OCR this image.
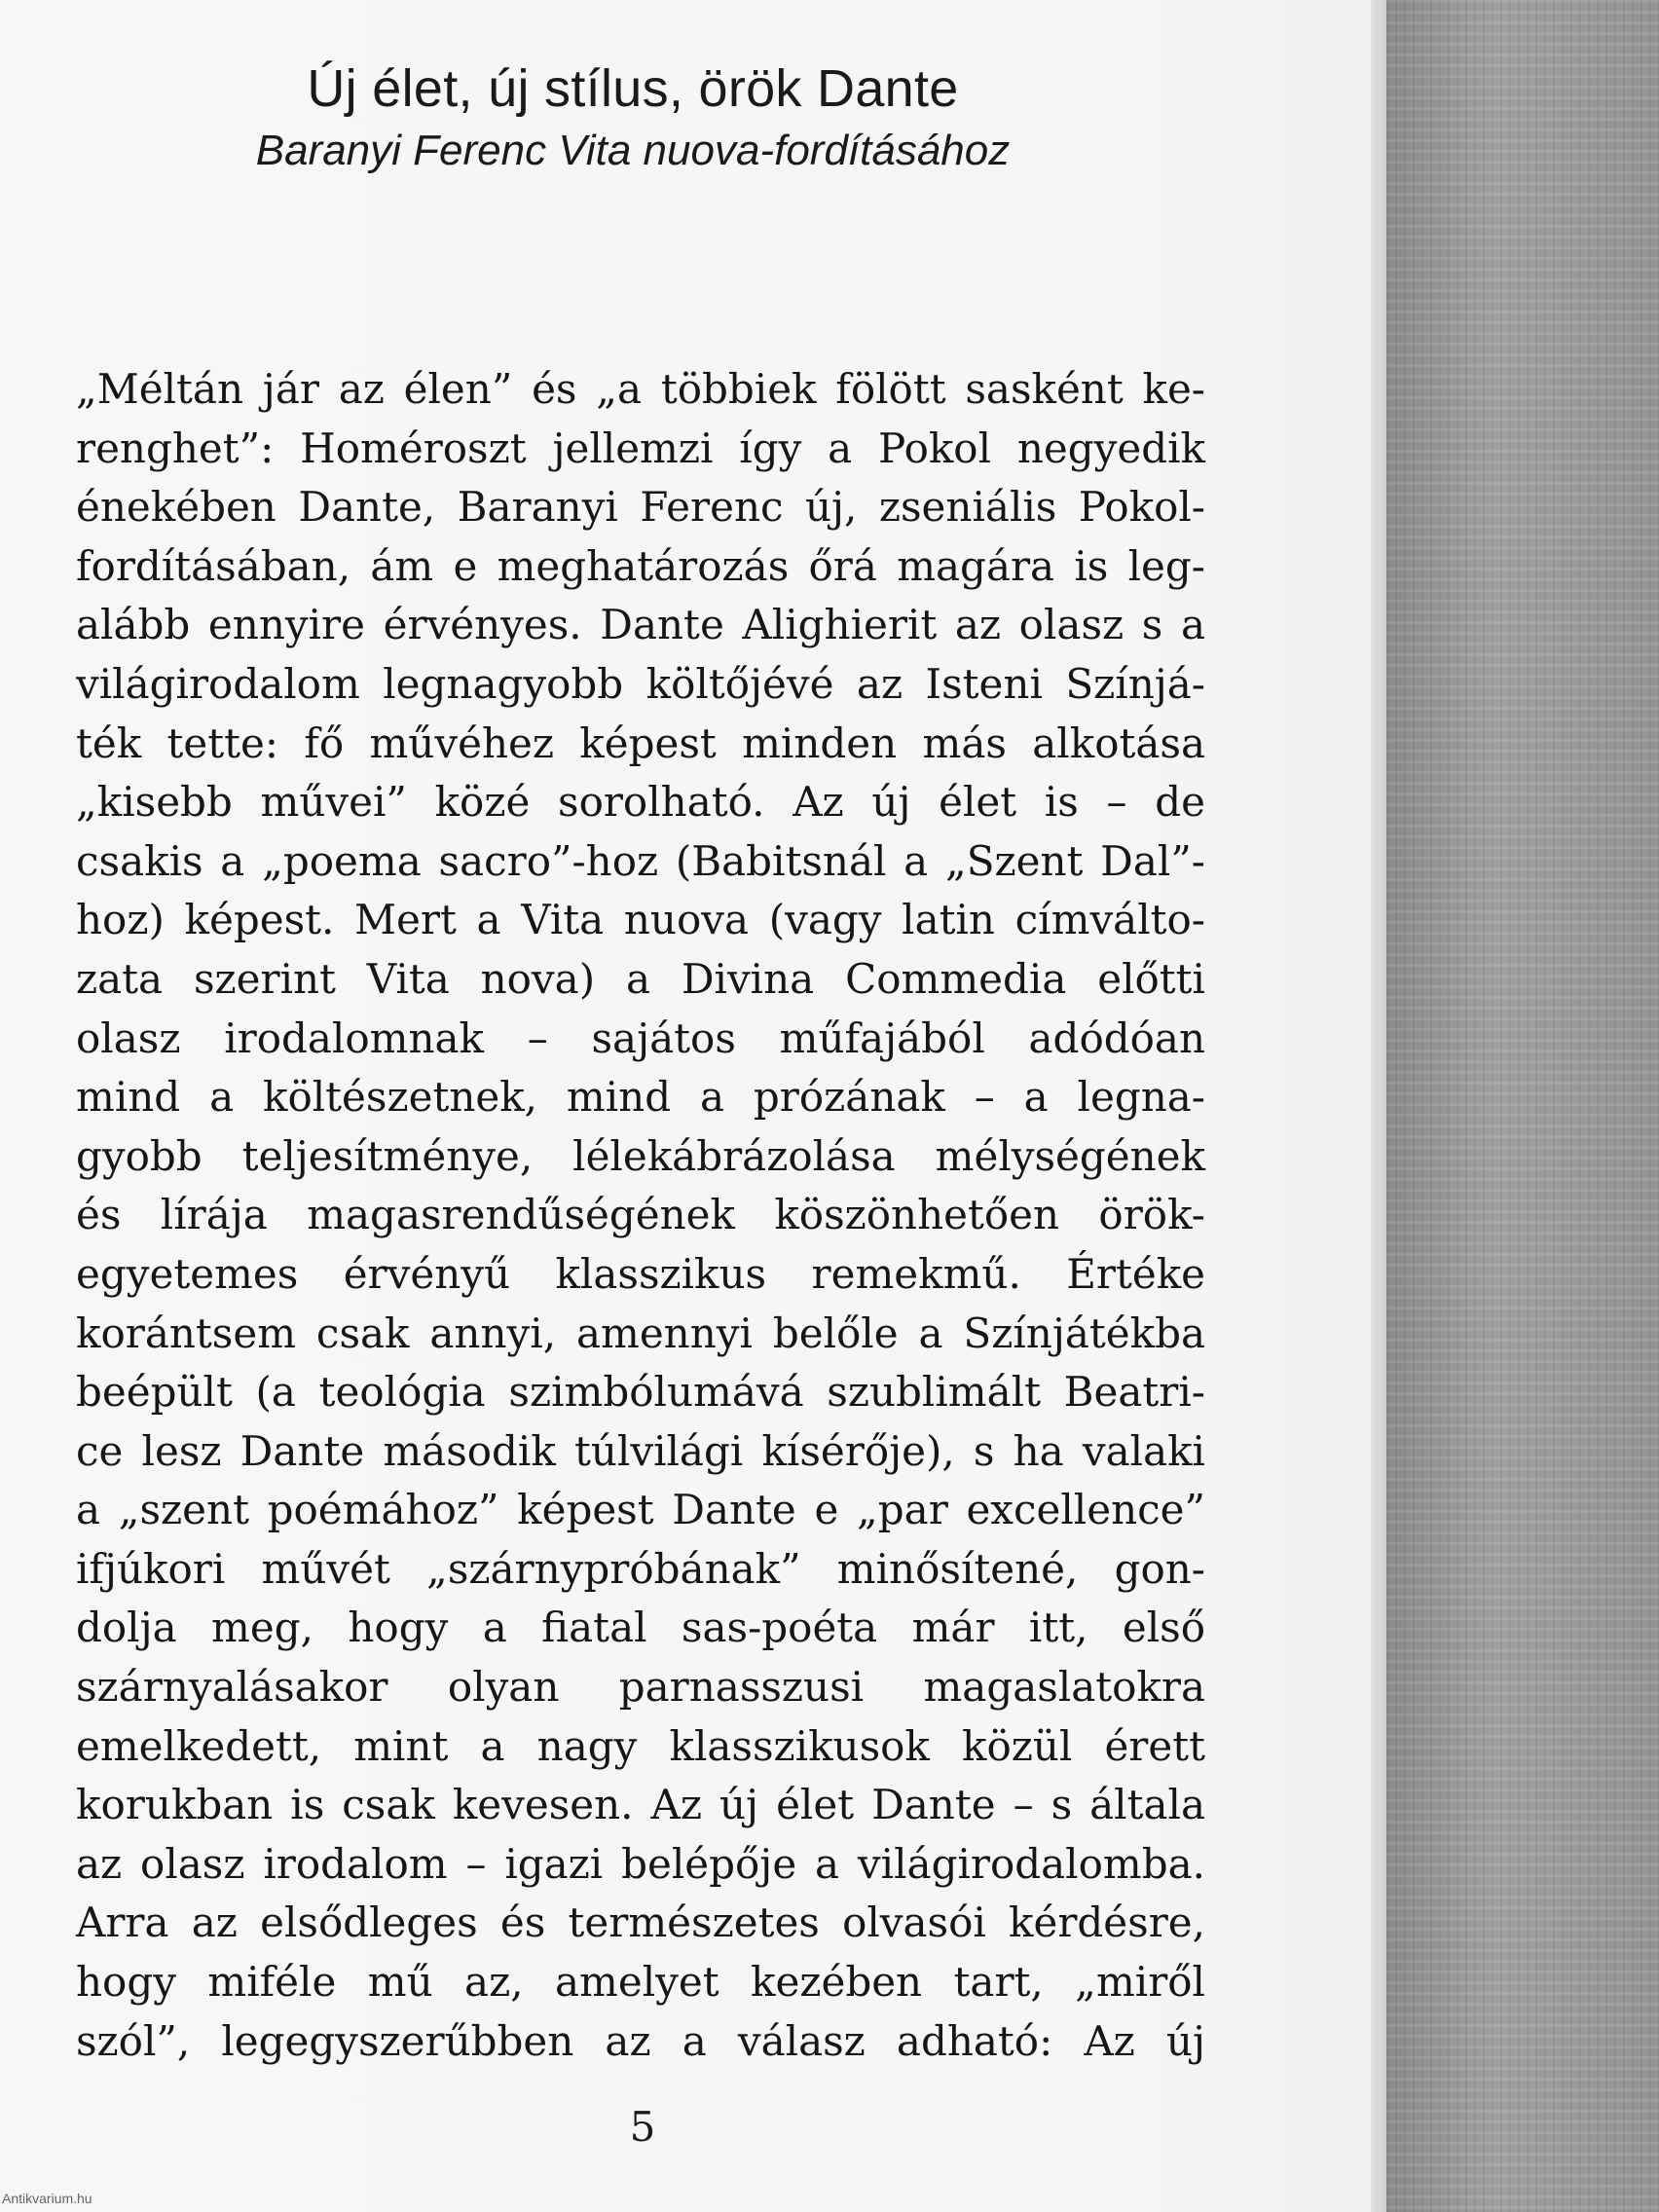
Új élet, új stílus, örök Dante
Baranyi Ferenc Vita nuova-fordításához
„Méltán jár az élen” és „a többiek fölött sasként ke-
renghet”: Homéroszt jellemzi így a Pokol negyedik
énekében Dante, Baranyi Ferenc új, zseniális Pokol-
fordításában, ám e meghatározás őrá magára is leg-
alább ennyire érvényes. Dante Alighierit az olasz s a
világirodalom legnagyobb költőjévé az Isteni Színjá-
ték tette: fő művéhez képest minden más alkotása
„kisebb művei” közé sorolható. Az új élet is – de
csakis a „poema sacro”-hoz (Babitsnál a „Szent Dal”-
hoz) képest. Mert a Vita nuova (vagy latin címválto-
zata szerint Vita nova) a Divina Commedia előtti
olasz irodalomnak – sajátos műfajából adódóan
mind a költészetnek, mind a prózának – a legna-
gyobb teljesítménye, lélekábrázolása mélységének
és lírája magasrendűségének köszönhetően örök-
egyetemes érvényű klasszikus remekmű. Értéke
korántsem csak annyi, amennyi belőle a Színjátékba
beépült (a teológia szimbólumává szublimált Beatri-
ce lesz Dante második túlvilági kísérője), s ha valaki
a „szent poémához” képest Dante e „par excellence”
ifjúkori művét „szárnypróbának” minősítené, gon-
dolja meg, hogy a fiatal sas-poéta már itt, első
szárnyalásakor olyan parnasszusi magaslatokra
emelkedett, mint a nagy klasszikusok közül érett
korukban is csak kevesen. Az új élet Dante – s általa
az olasz irodalom – igazi belépője a világirodalomba.
Arra az elsődleges és természetes olvasói kérdésre,
hogy miféle mű az, amelyet kezében tart, „miről
szól”, legegyszerűbben az a válasz adható: Az új
5
Antikvarium.hu
